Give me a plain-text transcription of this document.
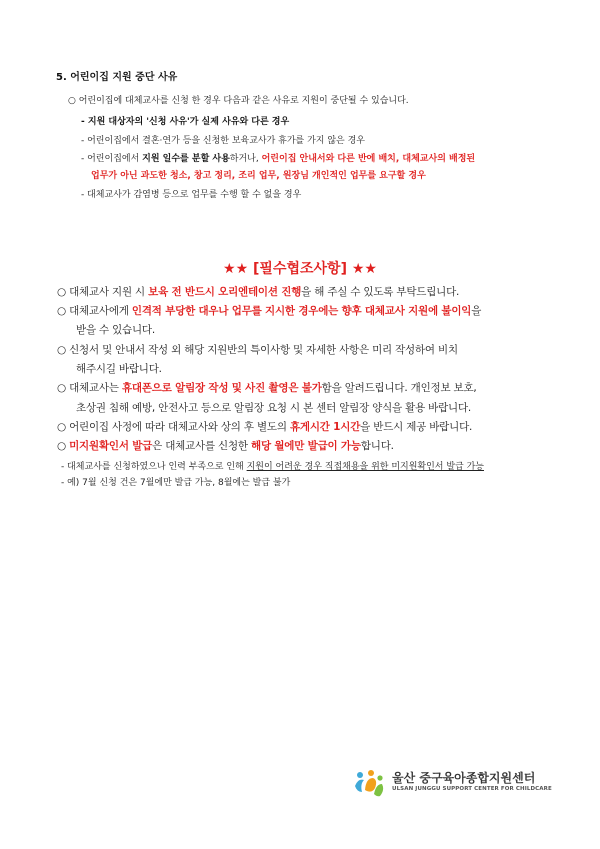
5. 어린이집 지원 중단 사유
○ 어린이집에 대체교사를 신청 한 경우 다음과 같은 사유로 지원이 중단될 수 있습니다.
- 지원 대상자의 '신청 사유'가 실제 사유와 다른 경우
- 어린이집에서 결혼·연가 등을 신청한 보육교사가 휴가를 가지 않은 경우
- 어린이집에서 지원 일수를 분할 사용하거나, 어린이집 안내서와 다른 반에 배치, 대체교사의 배정된
업무가 아닌 과도한 청소, 창고 정리, 조리 업무, 원장님 개인적인 업무를 요구할 경우
- 대체교사가 감염병 등으로 업무를 수행 할 수 없을 경우
★★ [필수협조사항] ★★
○ 대체교사 지원 시 보육 전 반드시 오리엔테이션 진행을 해 주실 수 있도록 부탁드립니다.
○ 대체교사에게 인격적 부당한 대우나 업무를 지시한 경우에는 향후 대체교사 지원에 불이익을
받을 수 있습니다.
○ 신청서 및 안내서 작성 외 해당 지원반의 특이사항 및 자세한 사항은 미리 작성하여 비치
해주시길 바랍니다.
○ 대체교사는 휴대폰으로 알림장 작성 및 사진 촬영은 불가함을 알려드립니다. 개인정보 보호,
초상권 침해 예방, 안전사고 등으로 알림장 요청 시 본 센터 알림장 양식을 활용 바랍니다.
○ 어린이집 사정에 따라 대체교사와 상의 후 별도의 휴게시간 1시간을 반드시 제공 바랍니다.
○ 미지원확인서 발급은 대체교사를 신청한 해당 월에만 발급이 가능합니다.
- 대체교사를 신청하였으나 인력 부족으로 인해 지원이 어려운 경우 직접채용을 위한 미지원확인서 발급 가능
- 예) 7월 신청 건은 7월에만 발급 가능, 8월에는 발급 불가
울산 중구육아종합지원센터
ULSAN JUNGGU SUPPORT CENTER FOR CHILDCARE
